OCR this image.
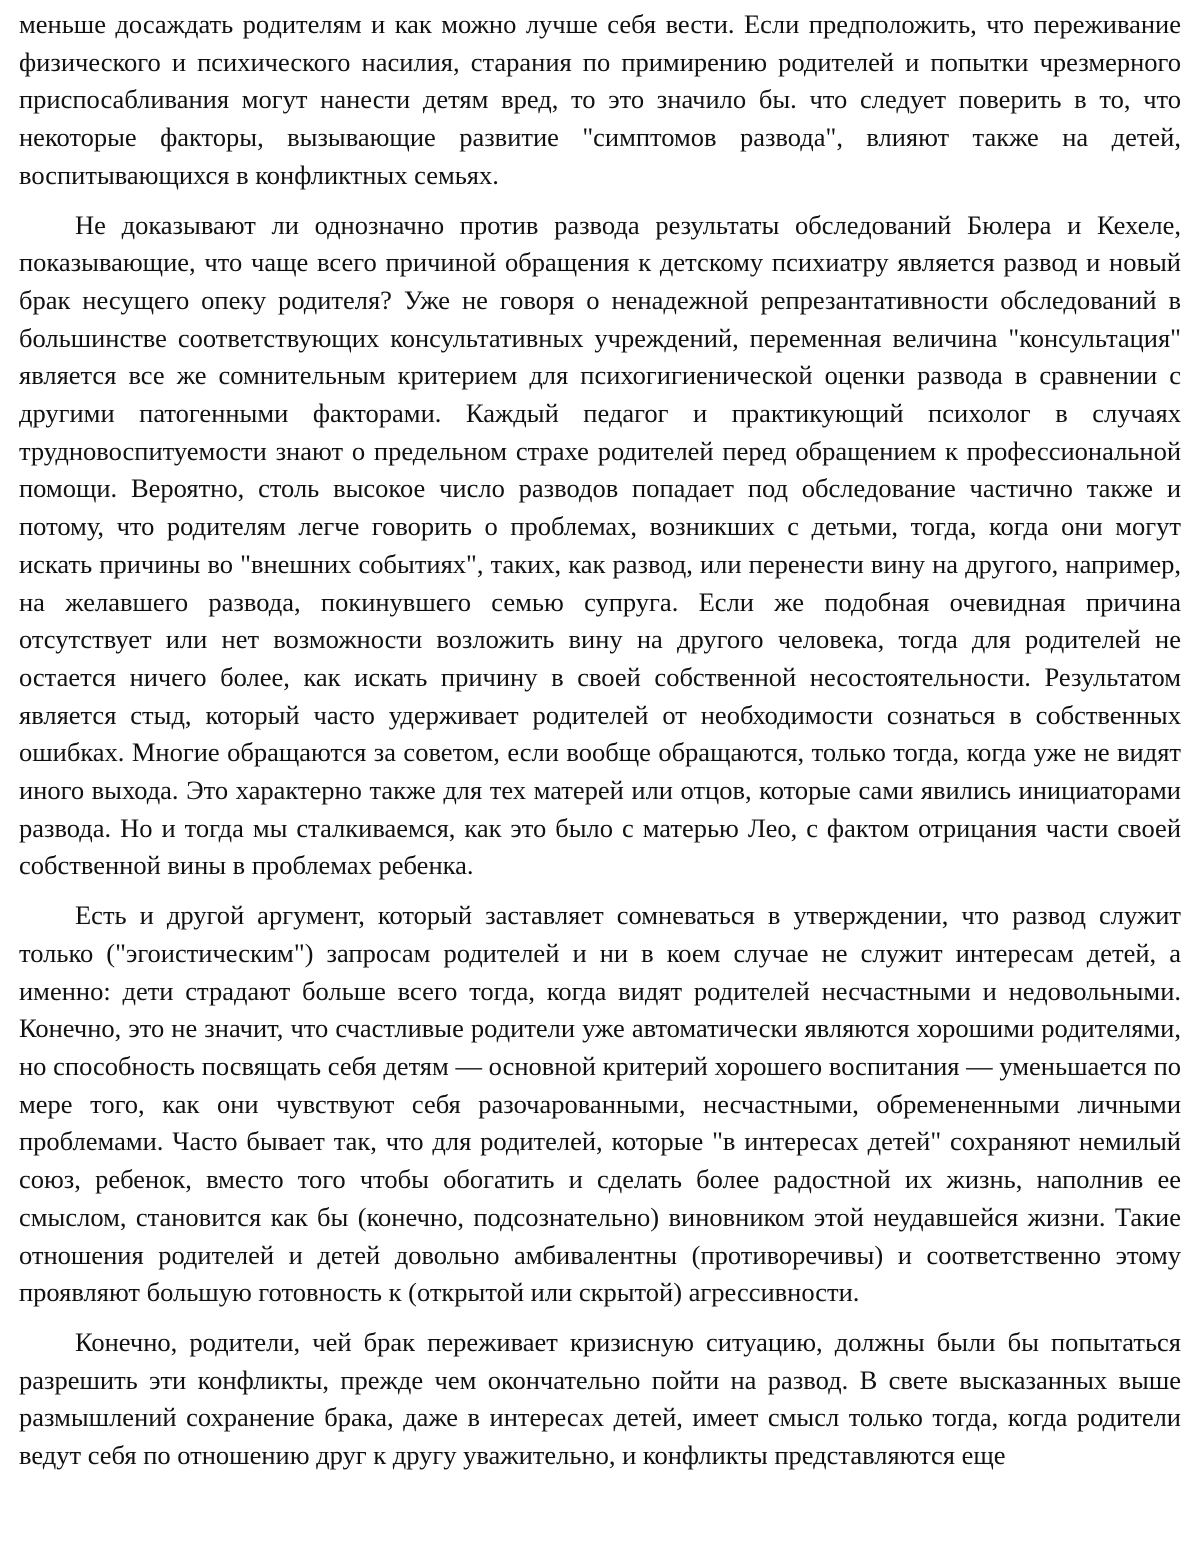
меньше досаждать родителям и как можно лучше себя вести. Если предположить, что переживание физического и психического насилия, старания по примирению родителей и попытки чрезмерного приспосабливания могут нанести детям вред, то это значило бы. что следует поверить в то, что некоторые факторы, вызывающие развитие "симптомов развода", влияют также на детей, воспитывающихся в конфликтных семьях.

Не доказывают ли однозначно против развода результаты обследований Бюлера и Кехеле, показывающие, что чаще всего причиной обращения к детскому психиатру является развод и новый брак несущего опеку родителя? Уже не говоря о ненадежной репрезантативности обследований в большинстве соответствующих консультативных учреждений, переменная величина "консультация" является все же сомнительным критерием для психогигиенической оценки развода в сравнении с другими патогенными факторами. Каждый педагог и практикующий психолог в случаях трудновоспитуемости знают о предельном страхе родителей перед обращением к профессиональной помощи. Вероятно, столь высокое число разводов попадает под обследование частично также и потому, что родителям легче говорить о проблемах, возникших с детьми, тогда, когда они могут искать причины во "внешних событиях", таких, как развод, или перенести вину на другого, например, на желавшего развода, покинувшего семью супруга. Если же подобная очевидная причина отсутствует или нет возможности возложить вину на другого человека, тогда для родителей не остается ничего более, как искать причину в своей собственной несостоятельности. Результатом является стыд, который часто удерживает родителей от необходимости сознаться в собственных ошибках. Многие обращаются за советом, если вообще обращаются, только тогда, когда уже не видят иного выхода. Это характерно также для тех матерей или отцов, которые сами явились инициаторами развода. Но и тогда мы сталкиваемся, как это было с матерью Лео, с фактом отрицания части своей собственной вины в проблемах ребенка.

Есть и другой аргумент, который заставляет сомневаться в утверждении, что развод служит только ("эгоистическим") запросам родителей и ни в коем случае не служит интересам детей, а именно: дети страдают больше всего тогда, когда видят родителей несчастными и недовольными. Конечно, это не значит, что счастливые родители уже автоматически являются хорошими родителями, но способность посвящать себя детям — основной критерий хорошего воспитания — уменьшается по мере того, как они чувствуют себя разочарованными, несчастными, обремененными личными проблемами. Часто бывает так, что для родителей, которые "в интересах детей" сохраняют немилый союз, ребенок, вместо того чтобы обогатить и сделать более радостной их жизнь, наполнив ее смыслом, становится как бы (конечно, подсознательно) виновником этой неудавшейся жизни. Такие отношения родителей и детей довольно амбивалентны (противоречивы) и соответственно этому проявляют большую готовность к (открытой или скрытой) агрессивности.

Конечно, родители, чей брак переживает кризисную ситуацию, должны были бы попытаться разрешить эти конфликты, прежде чем окончательно пойти на развод. В свете высказанных выше размышлений сохранение брака, даже в интересах детей, имеет смысл только тогда, когда родители ведут себя по отношению друг к другу уважительно, и конфликты представляются еще
